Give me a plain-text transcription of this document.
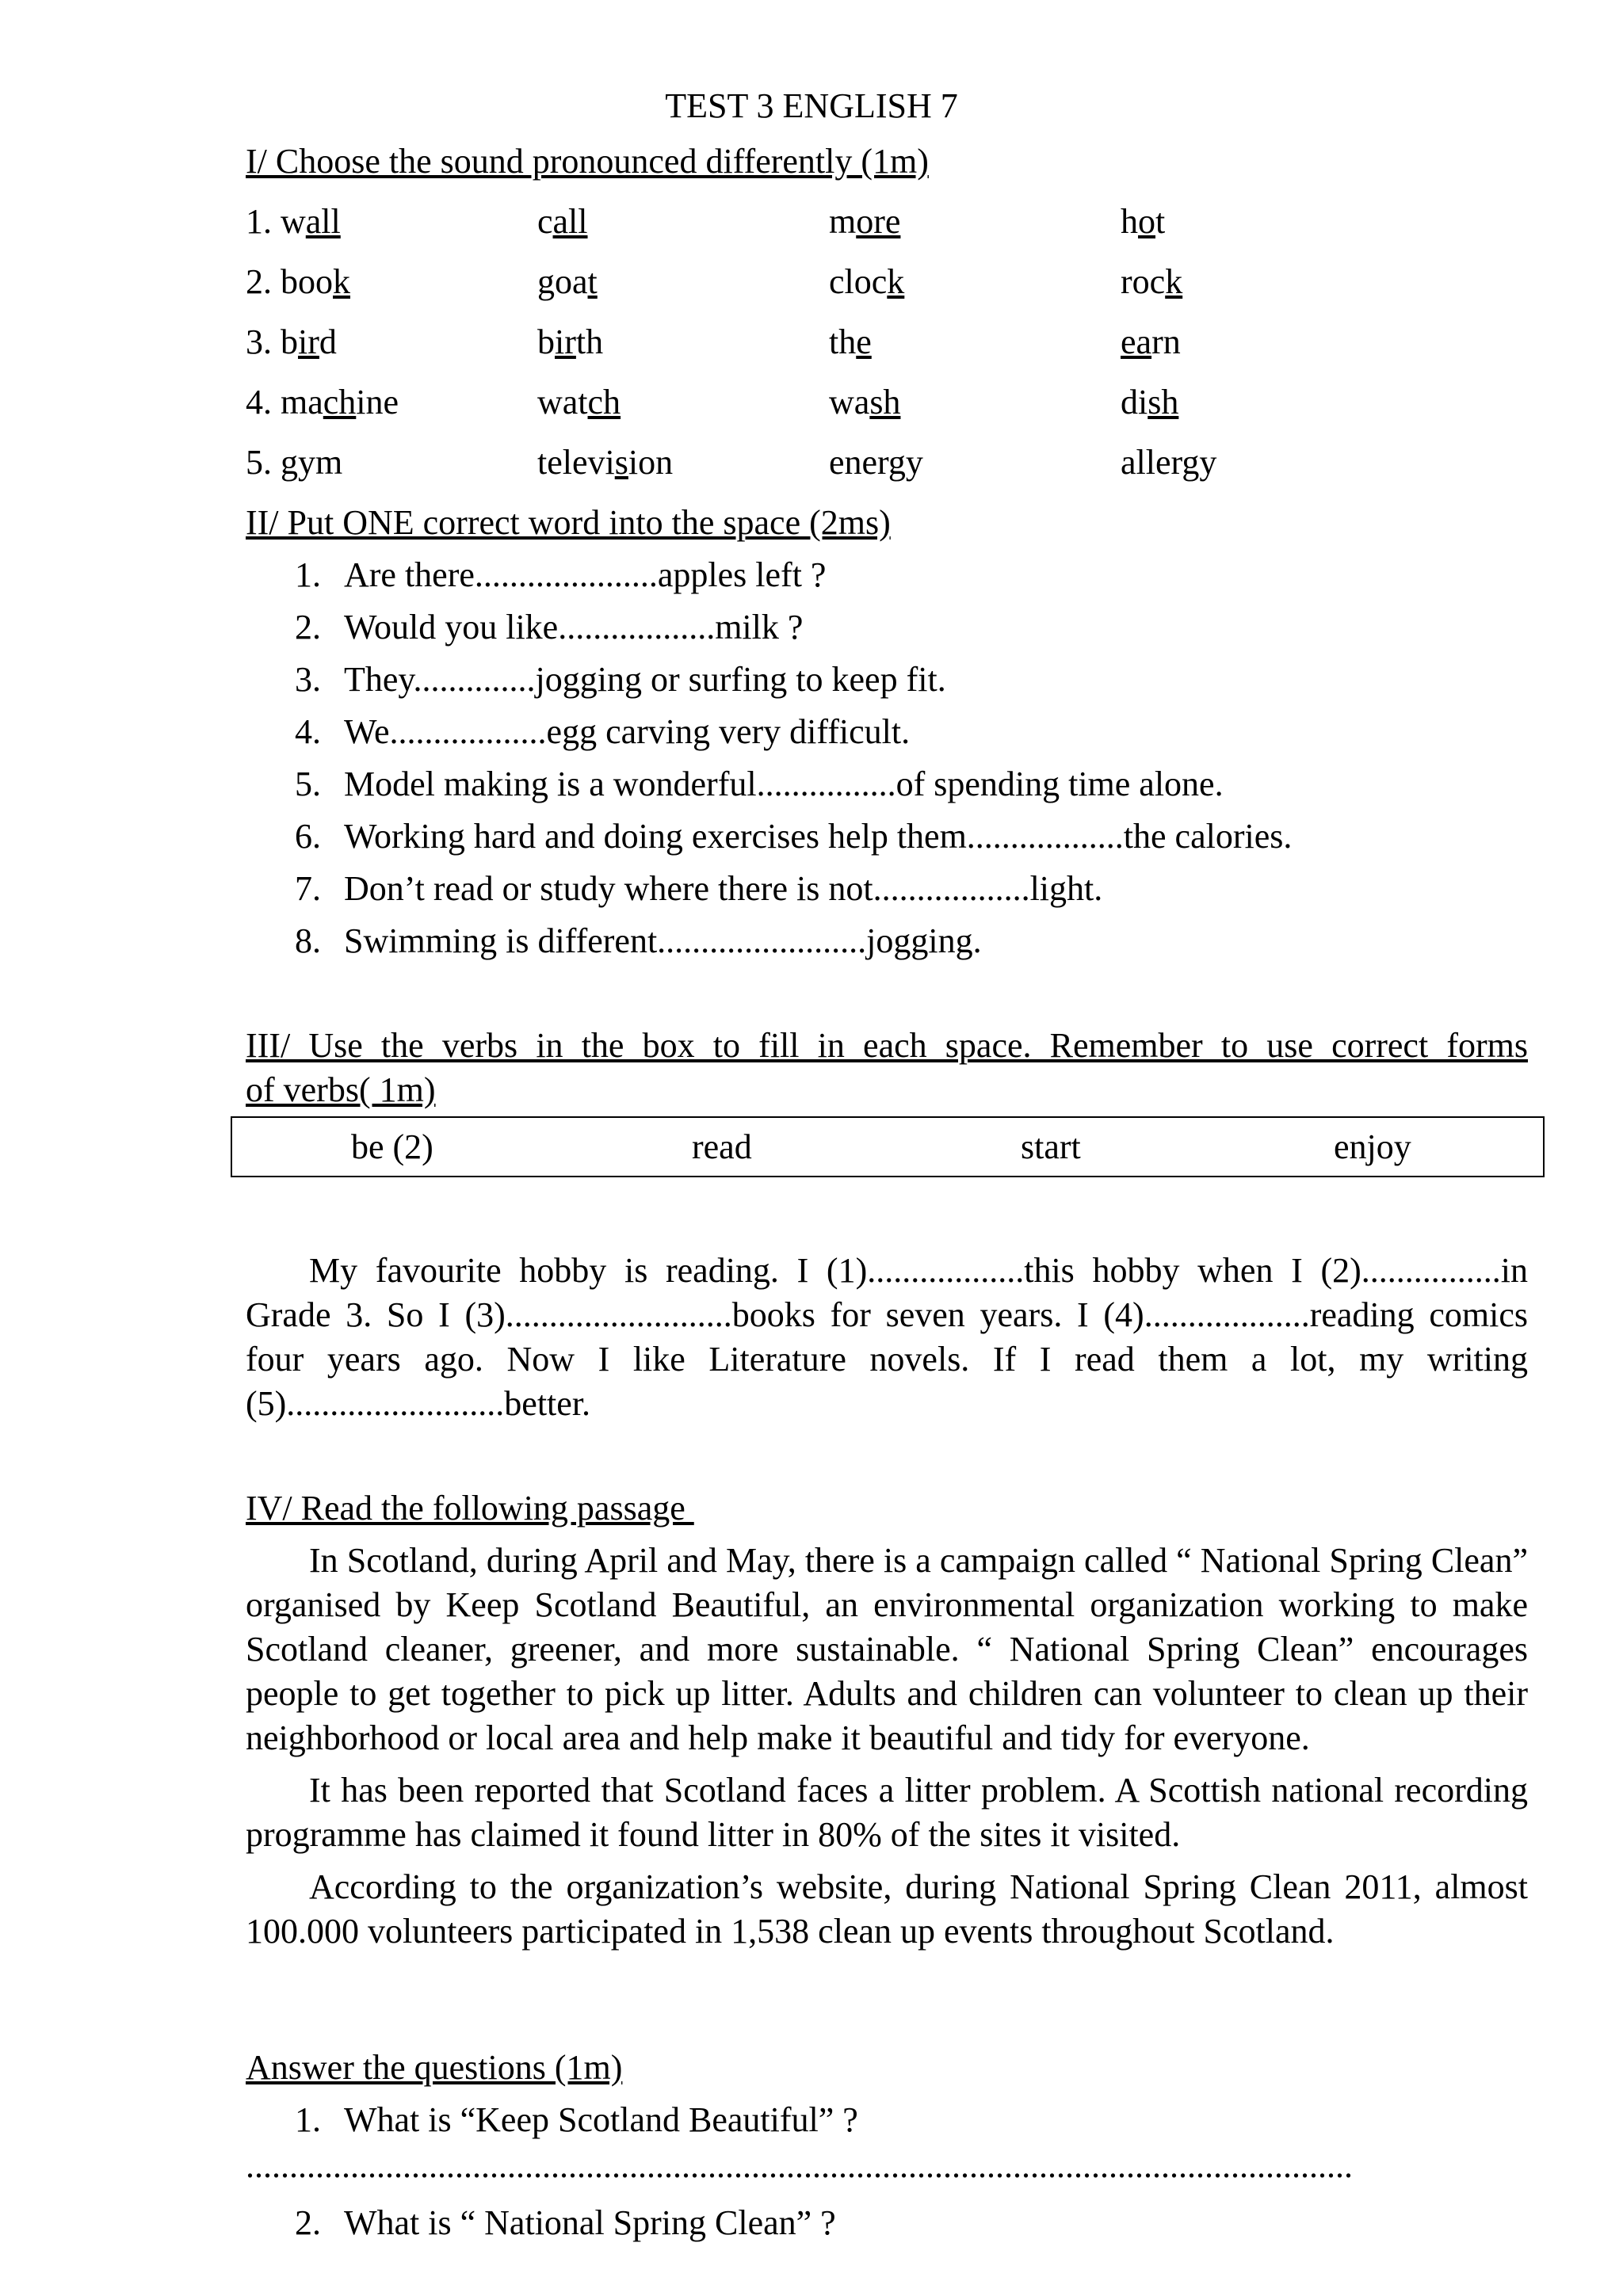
TEST 3 ENGLISH 7
I/ Choose the sound pronounced differently (1m)
1. wall	call	more	hot
2. book	goat	clock	rock
3. bird	birth	the	earn
4. machine	watch	wash	dish
5. gym	television	energy	allergy
II/ Put ONE correct word into the space (2ms)
1. Are there.....................apples left ?
2. Would you like..................milk ?
3. They..............jogging or surfing to keep fit.
4. We..................egg carving very difficult.
5. Model making is a wonderful................of spending time alone.
6. Working hard and doing exercises help them..................the calories.
7. Don’t read or study where there is not..................light.
8. Swimming is different........................jogging.
III/ Use the verbs in the box to fill in each space. Remember to use correct forms
of verbs( 1m)
be (2)	read	start	enjoy

My favourite hobby is reading. I (1)..................this hobby when I (2)................in Grade 3. So I (3)..........................books for seven years. I (4)...................reading comics four years ago. Now I like Literature novels. If I read them a lot, my writing (5).........................better.

IV/ Read the following passage

In Scotland, during April and May, there is a campaign called “ National Spring Clean” organised by Keep Scotland Beautiful, an environmental organization working to make Scotland cleaner, greener, and more sustainable. “ National Spring Clean” encourages people to get together to pick up litter. Adults and children can volunteer to clean up their neighborhood or local area and help make it beautiful and tidy for everyone.

It has been reported that Scotland faces a litter problem. A Scottish national recording programme has claimed it found litter in 80% of the sites it visited.

According to the organization’s website, during National Spring Clean 2011, almost 100.000 volunteers participated in 1,538 clean up events throughout Scotland.

Answer the questions (1m)
1. What is “Keep Scotland Beautiful” ?
...............................................................................................................................
2. What is “ National Spring Clean” ?
